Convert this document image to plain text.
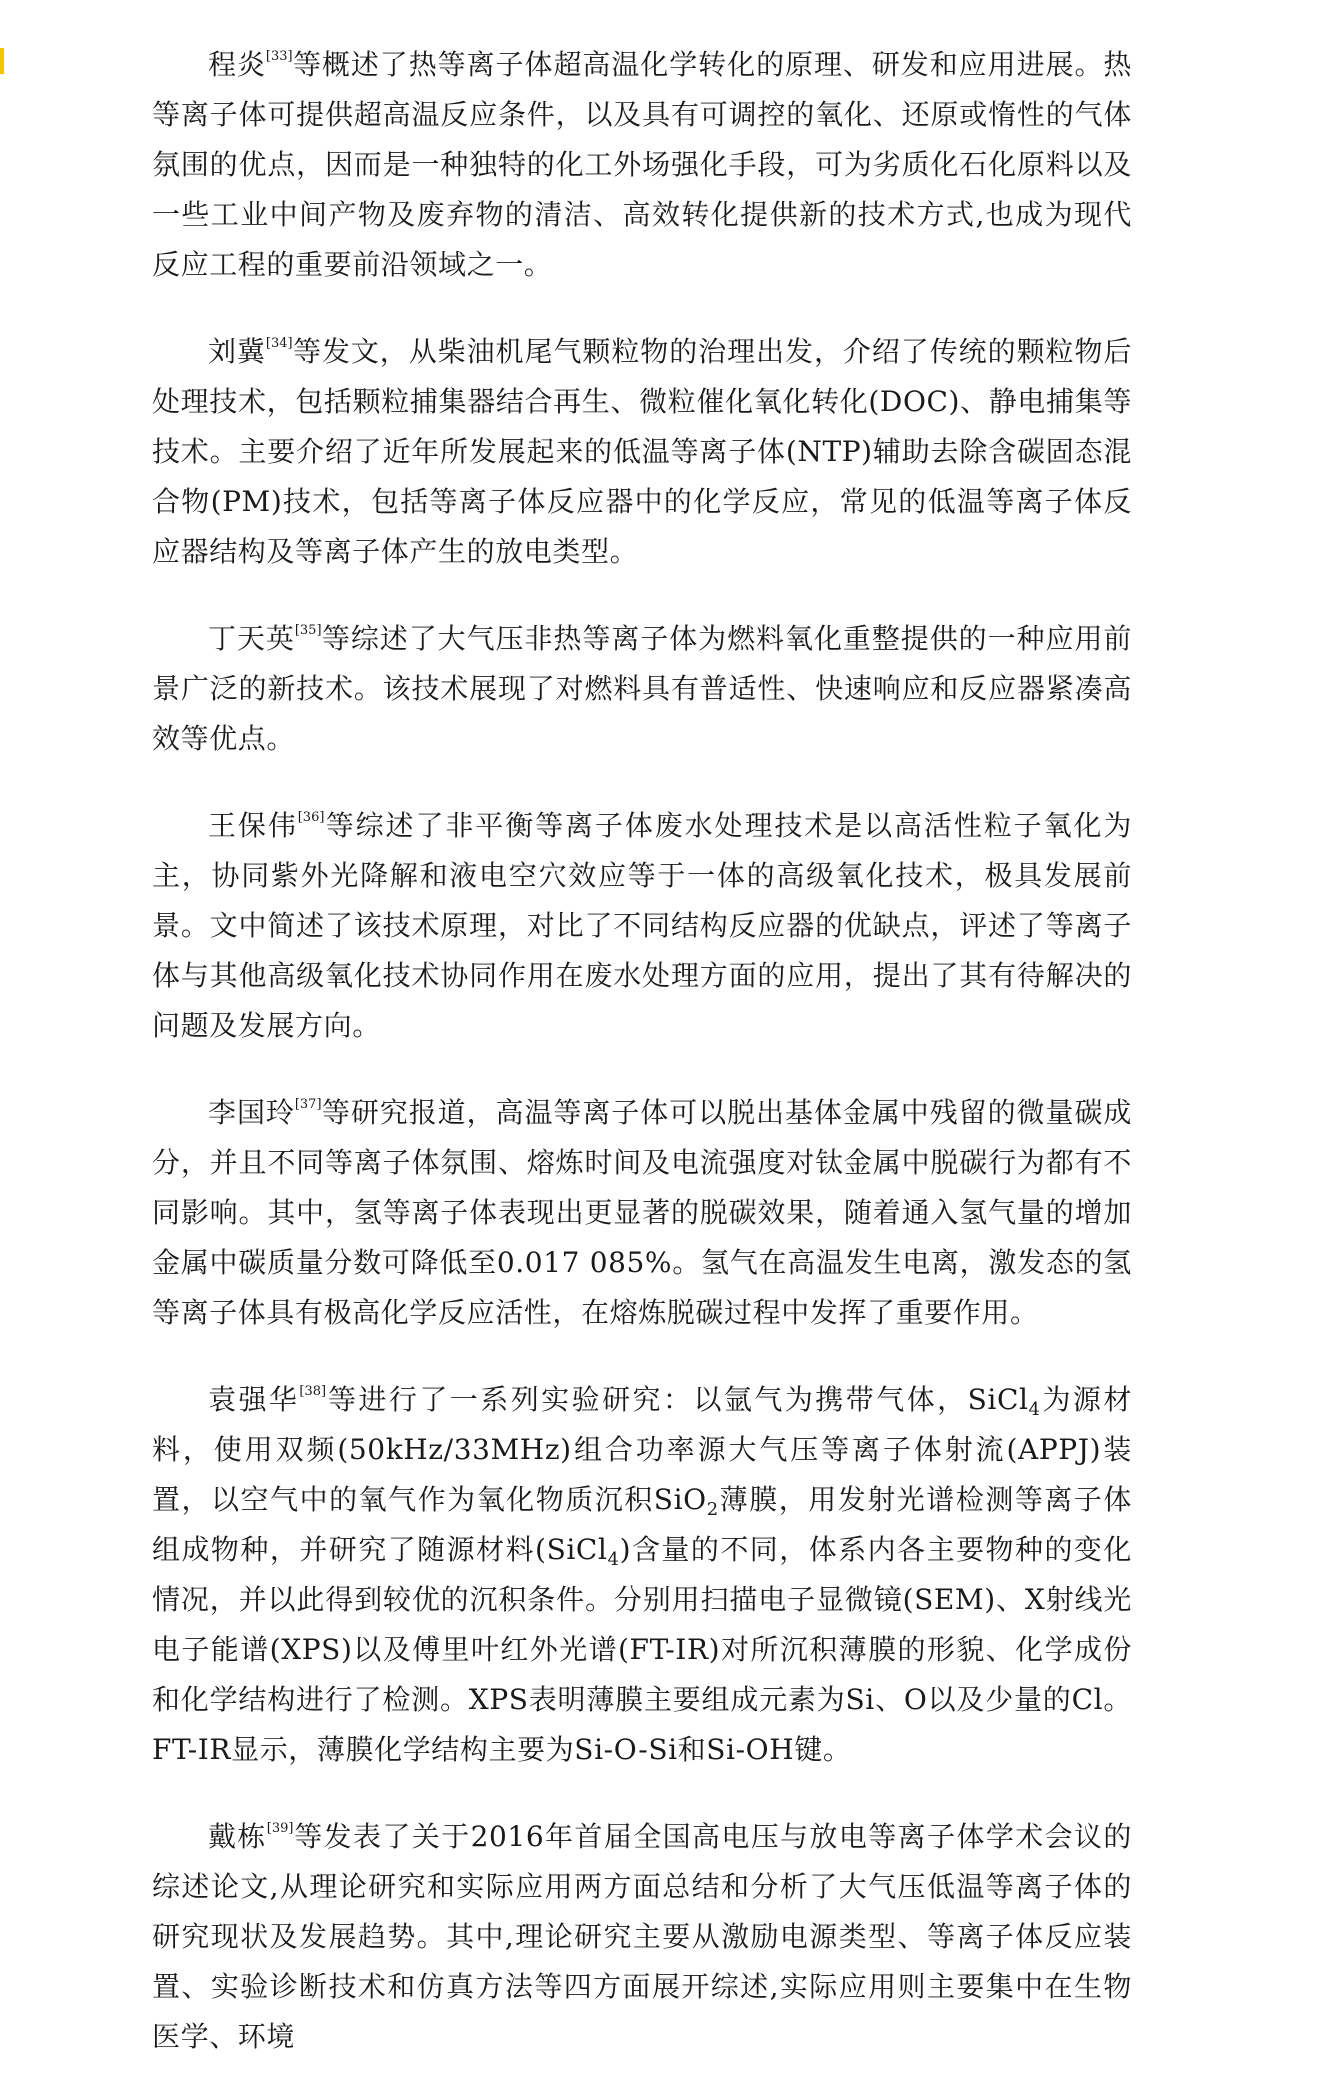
程炎[33]等概述了热等离子体超高温化学转化的原理、研发和应用进展。热等离子体可提供超高温反应条件，以及具有可调控的氧化、还原或惰性的气体氛围的优点，因而是一种独特的化工外场强化手段，可为劣质化石化原料以及一些工业中间产物及废弃物的清洁、高效转化提供新的技术方式,也成为现代反应工程的重要前沿领域之一。

刘冀[34]等发文，从柴油机尾气颗粒物的治理出发，介绍了传统的颗粒物后处理技术，包括颗粒捕集器结合再生、微粒催化氧化转化(DOC)、静电捕集等技术。主要介绍了近年所发展起来的低温等离子体(NTP)辅助去除含碳固态混合物(PM)技术，包括等离子体反应器中的化学反应，常见的低温等离子体反应器结构及等离子体产生的放电类型。

丁天英[35]等综述了大气压非热等离子体为燃料氧化重整提供的一种应用前景广泛的新技术。该技术展现了对燃料具有普适性、快速响应和反应器紧凑高效等优点。

王保伟[36]等综述了非平衡等离子体废水处理技术是以高活性粒子氧化为主，协同紫外光降解和液电空穴效应等于一体的高级氧化技术，极具发展前景。文中简述了该技术原理，对比了不同结构反应器的优缺点，评述了等离子体与其他高级氧化技术协同作用在废水处理方面的应用，提出了其有待解决的问题及发展方向。

李国玲[37]等研究报道，高温等离子体可以脱出基体金属中残留的微量碳成分，并且不同等离子体氛围、熔炼时间及电流强度对钛金属中脱碳行为都有不同影响。其中，氢等离子体表现出更显著的脱碳效果，随着通入氢气量的增加金属中碳质量分数可降低至0.017 085%。氢气在高温发生电离，激发态的氢等离子体具有极高化学反应活性，在熔炼脱碳过程中发挥了重要作用。

袁强华[38]等进行了一系列实验研究：以氩气为携带气体，SiCl$_4$为源材料，使用双频(50kHz/33MHz)组合功率源大气压等离子体射流(APPJ)装置，以空气中的氧气作为氧化物质沉积SiO$_2$薄膜，用发射光谱检测等离子体组成物种，并研究了随源材料(SiCl$_4$)含量的不同，体系内各主要物种的变化情况，并以此得到较优的沉积条件。分别用扫描电子显微镜(SEM)、X射线光电子能谱(XPS)以及傅里叶红外光谱(FT-IR)对所沉积薄膜的形貌、化学成份和化学结构进行了检测。XPS表明薄膜主要组成元素为Si、O以及少量的Cl。FT-IR显示，薄膜化学结构主要为Si-O-Si和Si-OH键。

戴栋[39]等发表了关于2016年首届全国高电压与放电等离子体学术会议的综述论文,从理论研究和实际应用两方面总结和分析了大气压低温等离子体的研究现状及发展趋势。其中,理论研究主要从激励电源类型、等离子体反应装置、实验诊断技术和仿真方法等四方面展开综述,实际应用则主要集中在生物医学、环境
